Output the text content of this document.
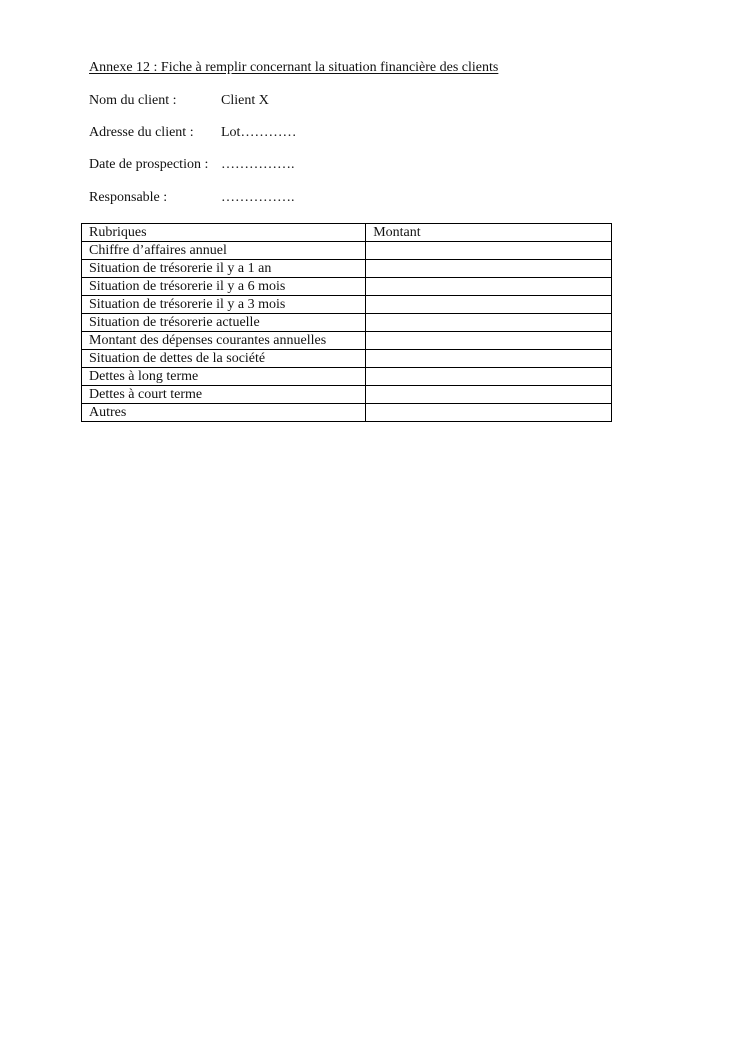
Annexe 12 : Fiche à remplir concernant la situation financière des clients
Nom du client :	Client X
Adresse du client : Lot…………
Date de prospection : …………….
Responsable :	…………….
Rubriques	Montant
Chiffre d’affaires annuel	
Situation de trésorerie il y a 1 an	
Situation de trésorerie il y a 6 mois	
Situation de trésorerie il y a 3 mois	
Situation de trésorerie actuelle	
Montant des dépenses courantes annuelles	
Situation de dettes de la société	
Dettes à long terme	
Dettes à court terme	
Autres	
